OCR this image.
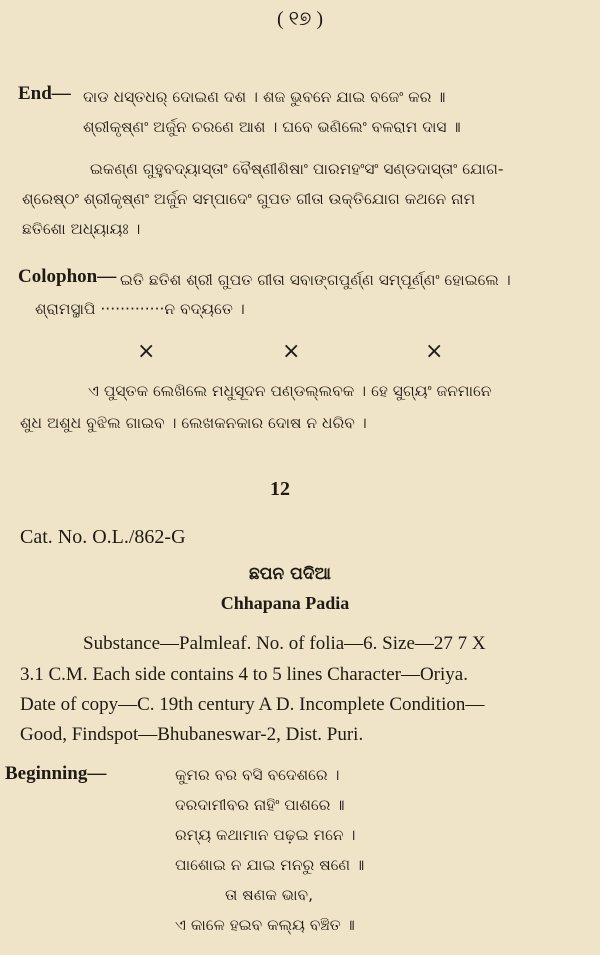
( ୧୭ )
End— ଦାଡ ଧସ୍ତଧର୍ ଦୋଇଣ ଦଶ । ଶଜ ଭୁବନେ ଯାଇ ବଜେଂ କର ॥
ଶ୍ରୀକୃଷ୍ଣଂ ଅର୍ଜୁନ ଚରଣେ ଆଶ । ଘବେ ଭଣିଲେଂ ବଳରାମ ଦାସ ॥
ଇକଣ୍ଣ ଗୁହୁବଦ୍ୟାସ୍ତାଂ ବୈଷ୍ଣୀଶିଷାଂ ପାରମହଂସଂ ସଣ୍ଡଦାସ୍ତାଂ ଯୋଗ-
ଶ୍ରେଷ୍ଠଂ ଶ୍ରୀକୃଷ୍ଣଂ ଅର୍ଜୁନ ସମ୍ପାଦେଂ ଗୁପତ ଗୀତା ଉକ୍ତିଯୋଗ କଥନେ ନାମ
ଛତିଶୋ ଅଧ୍ୟାୟଃ ।
Colophon— ଇତି ଛତିଶ ଶ୍ରୀ ଗୁପତ ଗୀତା ସବାଙ୍ଗପୁର୍ଣ୍ଣ ସମ୍ପୂର୍ଣ୍ଣଂ ହୋଇଲେ ।
ଶ୍ରାମସ୍ଥାପି ·············ନ ବଦ୍ୟତେ ।
×	×	×
ଏ ପୁସ୍ତକ ଲେଖିଲେ ମଧୁସୂଦନ ପଣ୍ଡଲ୍ଲବକ । ହେ ସୁଗ୍ୟଂ ଜନମାନେ
ଶୁଧ ଅଶୁଧ ବୁଝିଲ ଗାଇବ । ଲେଖକନକାର ଦୋଷ ନ ଧରିବ ।
12
Cat. No. O.L./862-G
ଛପନ ପଦିଆ
Chhapana Padia
Substance—Palmleaf. No. of folia—6. Size—27 7 X
3.1 C.M. Each side contains 4 to 5 lines Character—Oriya.
Date of copy—C. 19th century A D. Incomplete Condition—
Good, Findspot—Bhubaneswar-2, Dist. Puri.
Beginning—	କୁମର ବର ବସି ବଦେଶରେ ।
ଦରଦାମୀବର ନାହିଂ ପାଶରେ ॥
ରମ୍ୟ କଥାମାନ ପଢ଼ଇ ମନେ ।
ପାଶୋଇ ନ ଯାଇ ମନରୁ ଷଣେ ॥
ତା ଷଣକ ଭାବ,
ଏ କାଳେ ହଇବ କଲ୍ୟ ବଞ୍ଚିତ ॥
